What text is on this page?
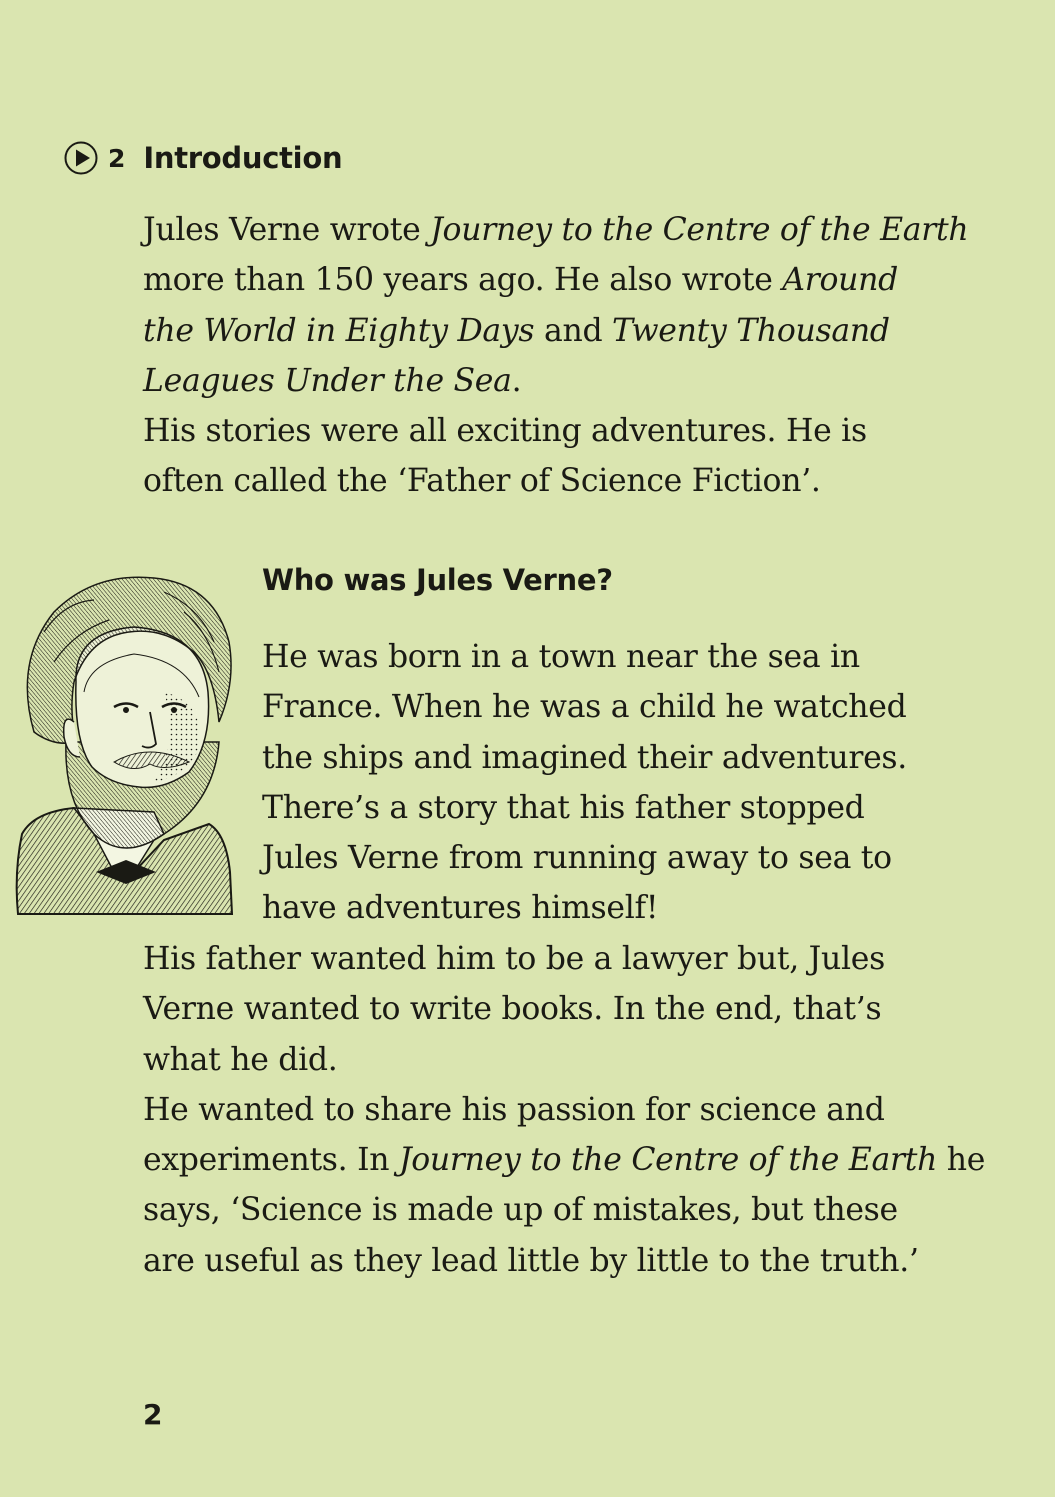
2 Introduction
Jules Verne wrote Journey to the Centre of the Earth
more than 150 years ago. He also wrote Around
the World in Eighty Days and Twenty Thousand
Leagues Under the Sea.
His stories were all exciting adventures. He is
often called the ‘Father of Science Fiction’.
Who was Jules Verne?
He was born in a town near the sea in
France. When he was a child he watched
the ships and imagined their adventures.
There’s a story that his father stopped
Jules Verne from running away to sea to
have adventures himself!
His father wanted him to be a lawyer but, Jules
Verne wanted to write books. In the end, that’s
what he did.
He wanted to share his passion for science and
experiments. In Journey to the Centre of the Earth he
says, ‘Science is made up of mistakes, but these
are useful as they lead little by little to the truth.’
2
